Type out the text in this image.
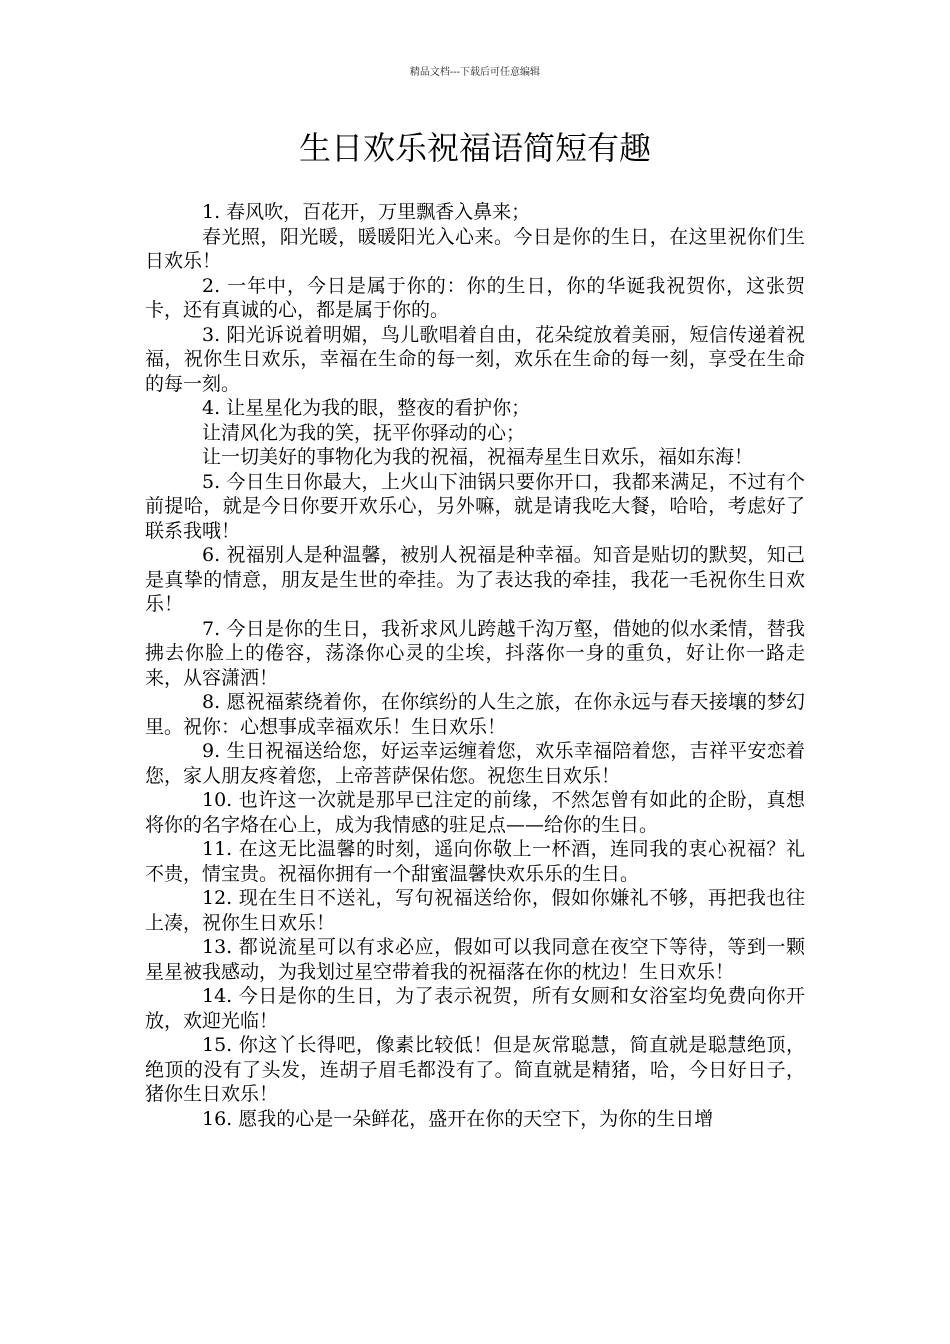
精品文档---下载后可任意编辑
生日欢乐祝福语简短有趣

1. 春风吹，百花开，万里飘香入鼻来；

春光照，阳光暖，暖暖阳光入心来。今日是你的生日，在这里祝你们生日欢乐！

2. 一年中，今日是属于你的：你的生日，你的华诞我祝贺你，这张贺卡，还有真诚的心，都是属于你的。

3. 阳光诉说着明媚，鸟儿歌唱着自由，花朵绽放着美丽，短信传递着祝福，祝你生日欢乐，幸福在生命的每一刻，欢乐在生命的每一刻，享受在生命的每一刻。

4. 让星星化为我的眼，整夜的看护你；

让清风化为我的笑，抚平你驿动的心；

让一切美好的事物化为我的祝福，祝福寿星生日欢乐，福如东海！

5. 今日生日你最大，上火山下油锅只要你开口，我都来满足，不过有个前提哈，就是今日你要开欢乐心，另外嘛，就是请我吃大餐，哈哈，考虑好了联系我哦！

6. 祝福别人是种温馨，被别人祝福是种幸福。知音是贴切的默契，知己是真挚的情意，朋友是生世的牵挂。为了表达我的牵挂，我花一毛祝你生日欢乐！

7. 今日是你的生日，我祈求风儿跨越千沟万壑，借她的似水柔情，替我拂去你脸上的倦容，荡涤你心灵的尘埃，抖落你一身的重负，好让你一路走来，从容潇洒！

8. 愿祝福萦绕着你，在你缤纷的人生之旅，在你永远与春天接壤的梦幻里。祝你：心想事成幸福欢乐！生日欢乐！

9. 生日祝福送给您，好运幸运缠着您，欢乐幸福陪着您，吉祥平安恋着您，家人朋友疼着您，上帝菩萨保佑您。祝您生日欢乐！

10. 也许这一次就是那早已注定的前缘，不然怎曾有如此的企盼，真想将你的名字烙在心上，成为我情感的驻足点——给你的生日。

11. 在这无比温馨的时刻，遥向你敬上一杯酒，连同我的衷心祝福？礼不贵，情宝贵。祝福你拥有一个甜蜜温馨快欢乐乐的生日。

12. 现在生日不送礼，写句祝福送给你，假如你嫌礼不够，再把我也往上凑，祝你生日欢乐！

13. 都说流星可以有求必应，假如可以我同意在夜空下等待，等到一颗星星被我感动，为我划过星空带着我的祝福落在你的枕边！生日欢乐！

14. 今日是你的生日，为了表示祝贺，所有女厕和女浴室均免费向你开放，欢迎光临！

15. 你这丫长得吧，像素比较低！但是灰常聪慧，简直就是聪慧绝顶，绝顶的没有了头发，连胡子眉毛都没有了。简直就是精猪，哈，今日好日子，猪你生日欢乐！

16. 愿我的心是一朵鲜花，盛开在你的天空下，为你的生日增
